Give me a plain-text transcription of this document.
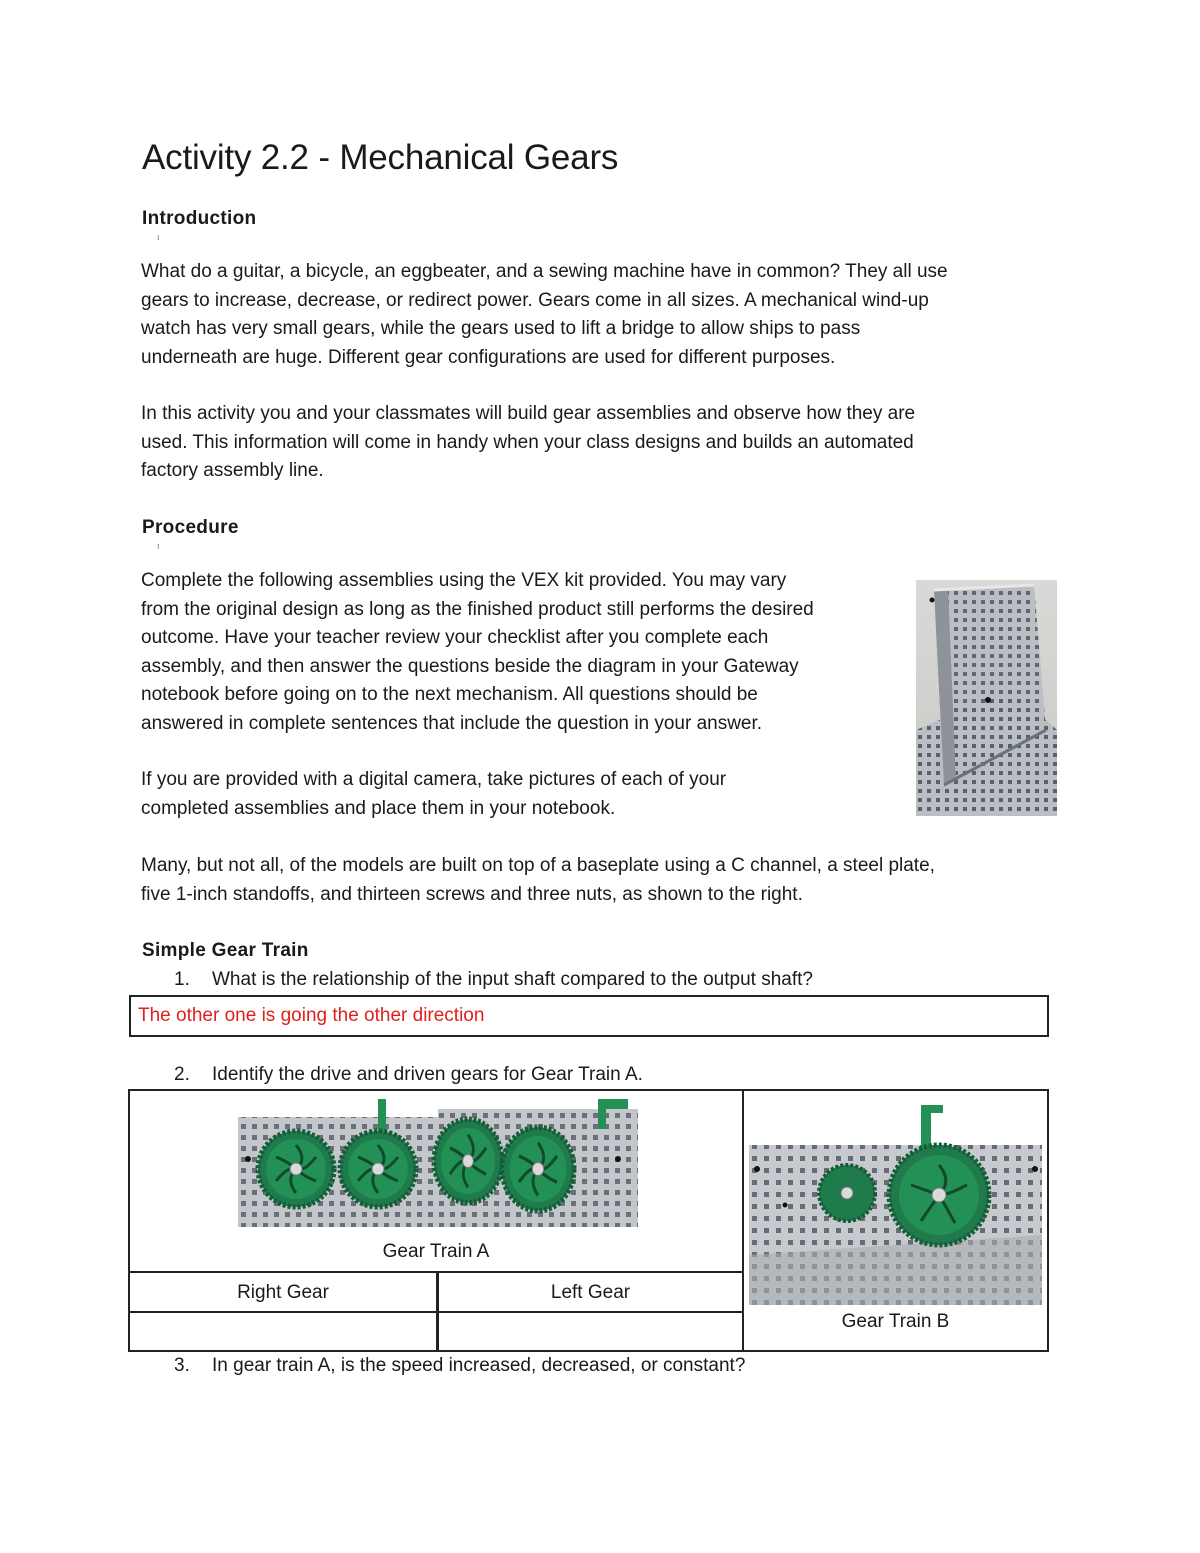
Activity 2.2 - Mechanical Gears
Introduction
ı

What do a guitar, a bicycle, an eggbeater, and a sewing machine have in common? They all use
gears to increase, decrease, or redirect power. Gears come in all sizes. A mechanical wind-up
watch has very small gears, while the gears used to lift a bridge to allow ships to pass
underneath are huge. Different gear configurations are used for different purposes.

In this activity you and your classmates will build gear assemblies and observe how they are
used. This information will come in handy when your class designs and builds an automated
factory assembly line.

Procedure
ı

Complete the following assemblies using the VEX kit provided. You may vary
from the original design as long as the finished product still performs the desired
outcome. Have your teacher review your checklist after you complete each
assembly, and then answer the questions beside the diagram in your Gateway
notebook before going on to the next mechanism. All questions should be
answered in complete sentences that include the question in your answer.

If you are provided with a digital camera, take pictures of each of your
completed assemblies and place them in your notebook.

Many, but not all, of the models are built on top of a baseplate using a C channel, a steel plate,
five 1-inch standoffs, and thirteen screws and three nuts, as shown to the right.

Simple Gear Train
1. What is the relationship of the input shaft compared to the output shaft?
The other one is going the other direction
2. Identify the drive and driven gears for Gear Train A.
Gear Train A
Right Gear	Left Gear
Gear Train B
3. In gear train A, is the speed increased, decreased, or constant?
